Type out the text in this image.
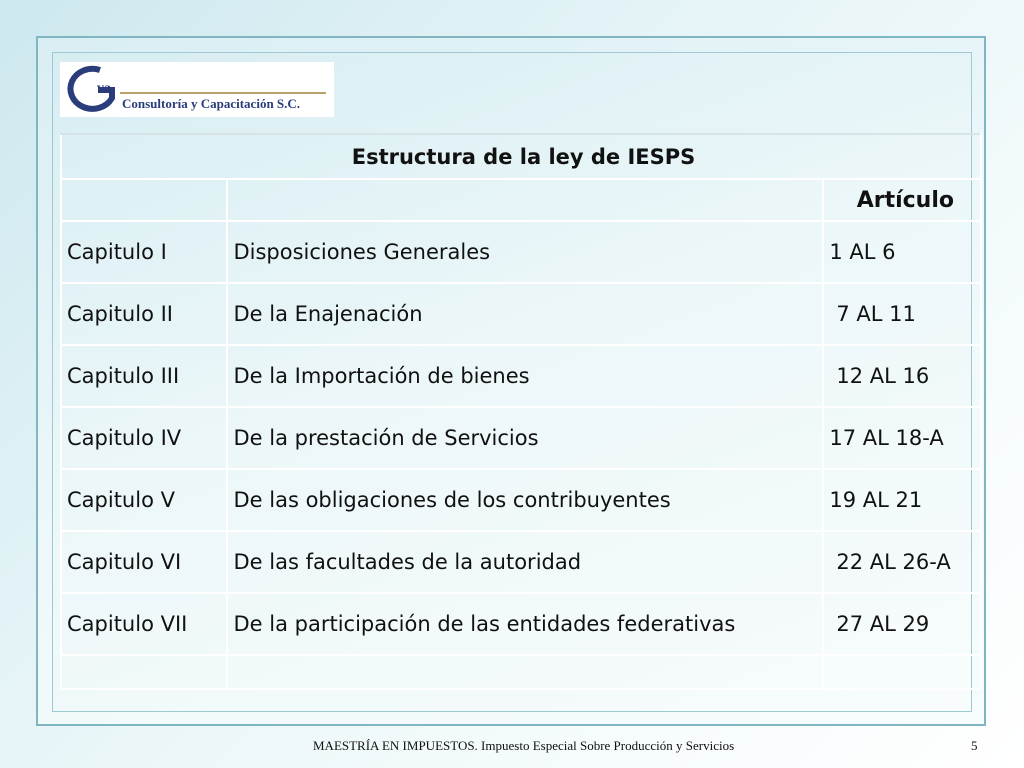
Consultoría y Capacitación S.C.
va
Estructura de la ley de IESPS		
		Artículo
Capitulo I	Disposiciones Generales	1 AL 6
Capitulo II	De la Enajenación	7 AL 11
Capitulo III	De la Importación de bienes	12 AL 16
Capitulo IV	De la prestación de Servicios	17 AL 18-A
Capitulo V	De las obligaciones de los contribuyentes	19 AL 21
Capitulo VI	De las facultades de la autoridad	22 AL 26-A
Capitulo VII	De la participación de las entidades federativas	27 AL 29

MAESTRÍA EN IMPUESTOS. Impuesto Especial Sobre Producción y Servicios	5
